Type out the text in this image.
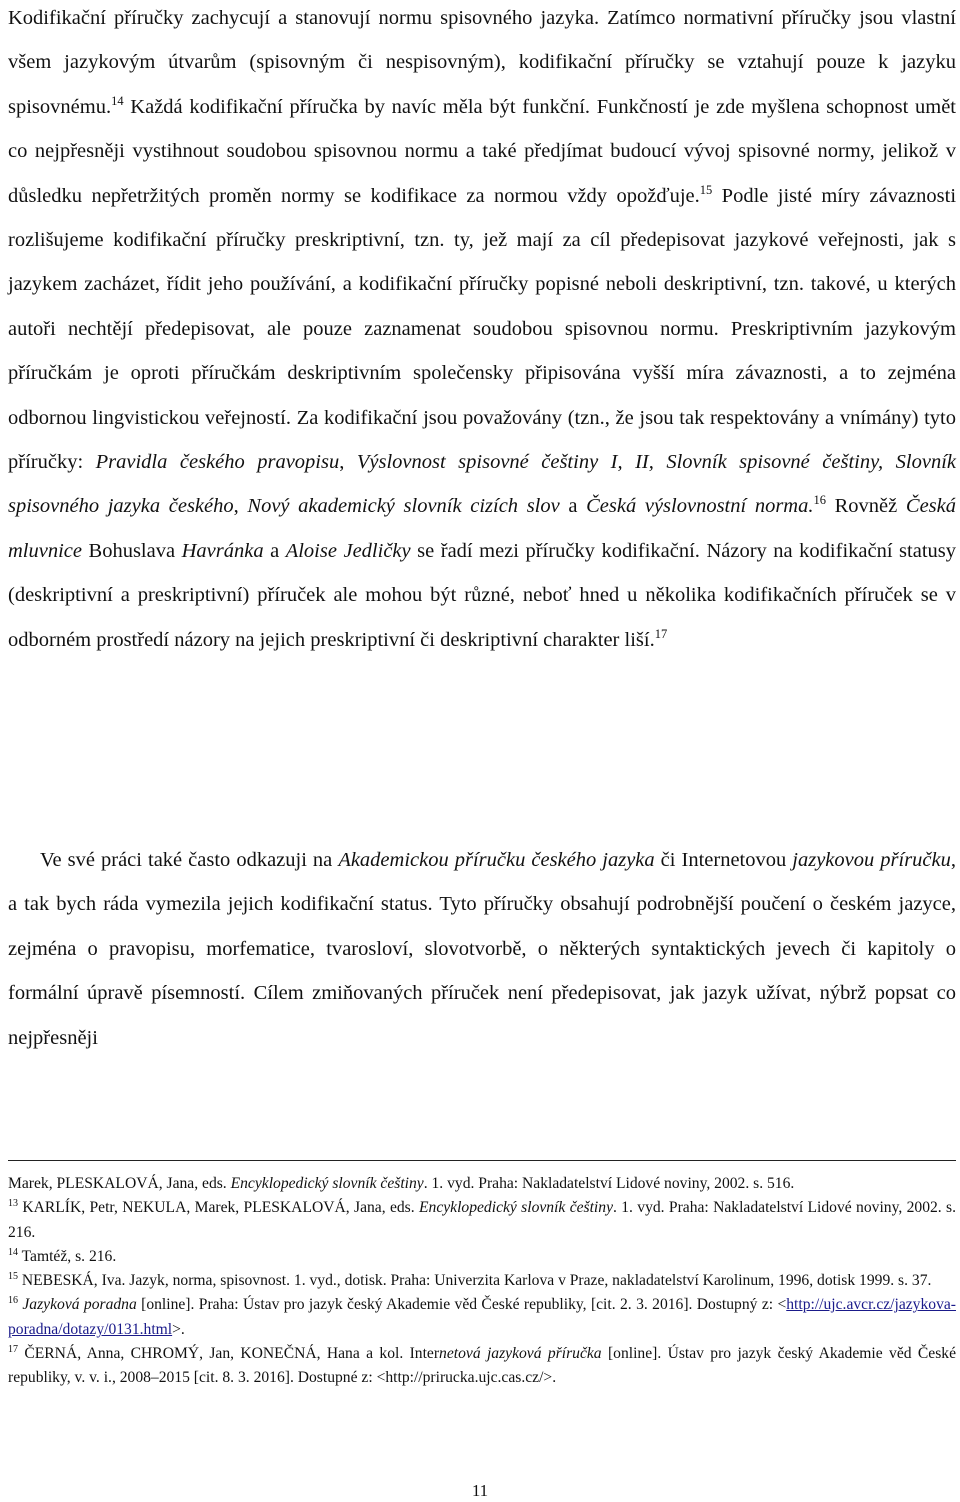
Kodifikační příručky zachycují a stanovují normu spisovného jazyka. Zatímco normativní příručky jsou vlastní všem jazykovým útvarům (spisovným či nespisovným), kodifikační příručky se vztahují pouze k jazyku spisovnému.$^{14}$ Každá kodifikační příručka by navíc měla být funkční. Funkčností je zde myšlena schopnost umět co nejpřesněji vystihnout soudobou spisovnou normu a také předjímat budoucí vývoj spisovné normy, jelikož v důsledku nepřetržitých proměn normy se kodifikace za normou vždy opožďuje.$^{15}$ Podle jisté míry závaznosti rozlišujeme kodifikační příručky preskriptivní, tzn. ty, jež mají za cíl předepisovat jazykové veřejnosti, jak s jazykem zacházet, řídit jeho používání, a kodifikační příručky popisné neboli deskriptivní, tzn. takové, u kterých autoři nechtějí předepisovat, ale pouze zaznamenat soudobou spisovnou normu. Preskriptivním jazykovým příručkám je oproti příručkám deskriptivním společensky připisována vyšší míra závaznosti, a to zejména odbornou lingvistickou veřejností. Za kodifikační jsou považovány (tzn., že jsou tak respektovány a vnímány) tyto příručky: Pravidla českého pravopisu, Výslovnost spisovné češtiny I, II, Slovník spisovné češtiny, Slovník spisovného jazyka českého, Nový akademický slovník cizích slov a Česká výslovnostní norma.$^{16}$ Rovněž Česká mluvnice Bohuslava Havránka a Aloise Jedličky se řadí mezi příručky kodifikační. Názory na kodifikační statusy (deskriptivní a preskriptivní) příruček ale mohou být různé, neboť hned u několika kodifikačních příruček se v odborném prostředí názory na jejich preskriptivní či deskriptivní charakter liší.$^{17}$

Ve své práci také často odkazuji na Akademickou příručku českého jazyka či Internetovou jazykovou příručku, a tak bych ráda vymezila jejich kodifikační status. Tyto příručky obsahují podrobnější poučení o českém jazyce, zejména o pravopisu, morfematice, tvarosloví, slovotvorbě, o některých syntaktických jevech či kapitoly o formální úpravě písemností. Cílem zmiňovaných příruček není předepisovat, jak jazyk užívat, nýbrž popsat co nejpřesněji

Marek, PLESKALOVÁ, Jana, eds. Encyklopedický slovník češtiny. 1. vyd. Praha: Nakladatelství Lidové noviny, 2002. s. 516.

$^{13}$ KARLÍK, Petr, NEKULA, Marek, PLESKALOVÁ, Jana, eds. Encyklopedický slovník češtiny. 1. vyd. Praha: Nakladatelství Lidové noviny, 2002. s. 216.

$^{14}$ Tamtéž, s. 216.

$^{15}$ NEBESKÁ, Iva. Jazyk, norma, spisovnost. 1. vyd., dotisk. Praha: Univerzita Karlova v Praze, nakladatelství Karolinum, 1996, dotisk 1999. s. 37.

$^{16}$ Jazyková poradna [online]. Praha: Ústav pro jazyk český Akademie věd České republiky, [cit. 2. 3. 2016]. Dostupný z: <http://ujc.avcr.cz/jazykova-poradna/dotazy/0131.html>.

$^{17}$ ČERNÁ, Anna, CHROMÝ, Jan, KONEČNÁ, Hana a kol. Internetová jazyková příručka [online]. Ústav pro jazyk český Akademie věd České republiky, v. v. i., 2008–2015 [cit. 8. 3. 2016]. Dostupné z: <http://prirucka.ujc.cas.cz/>.

11
